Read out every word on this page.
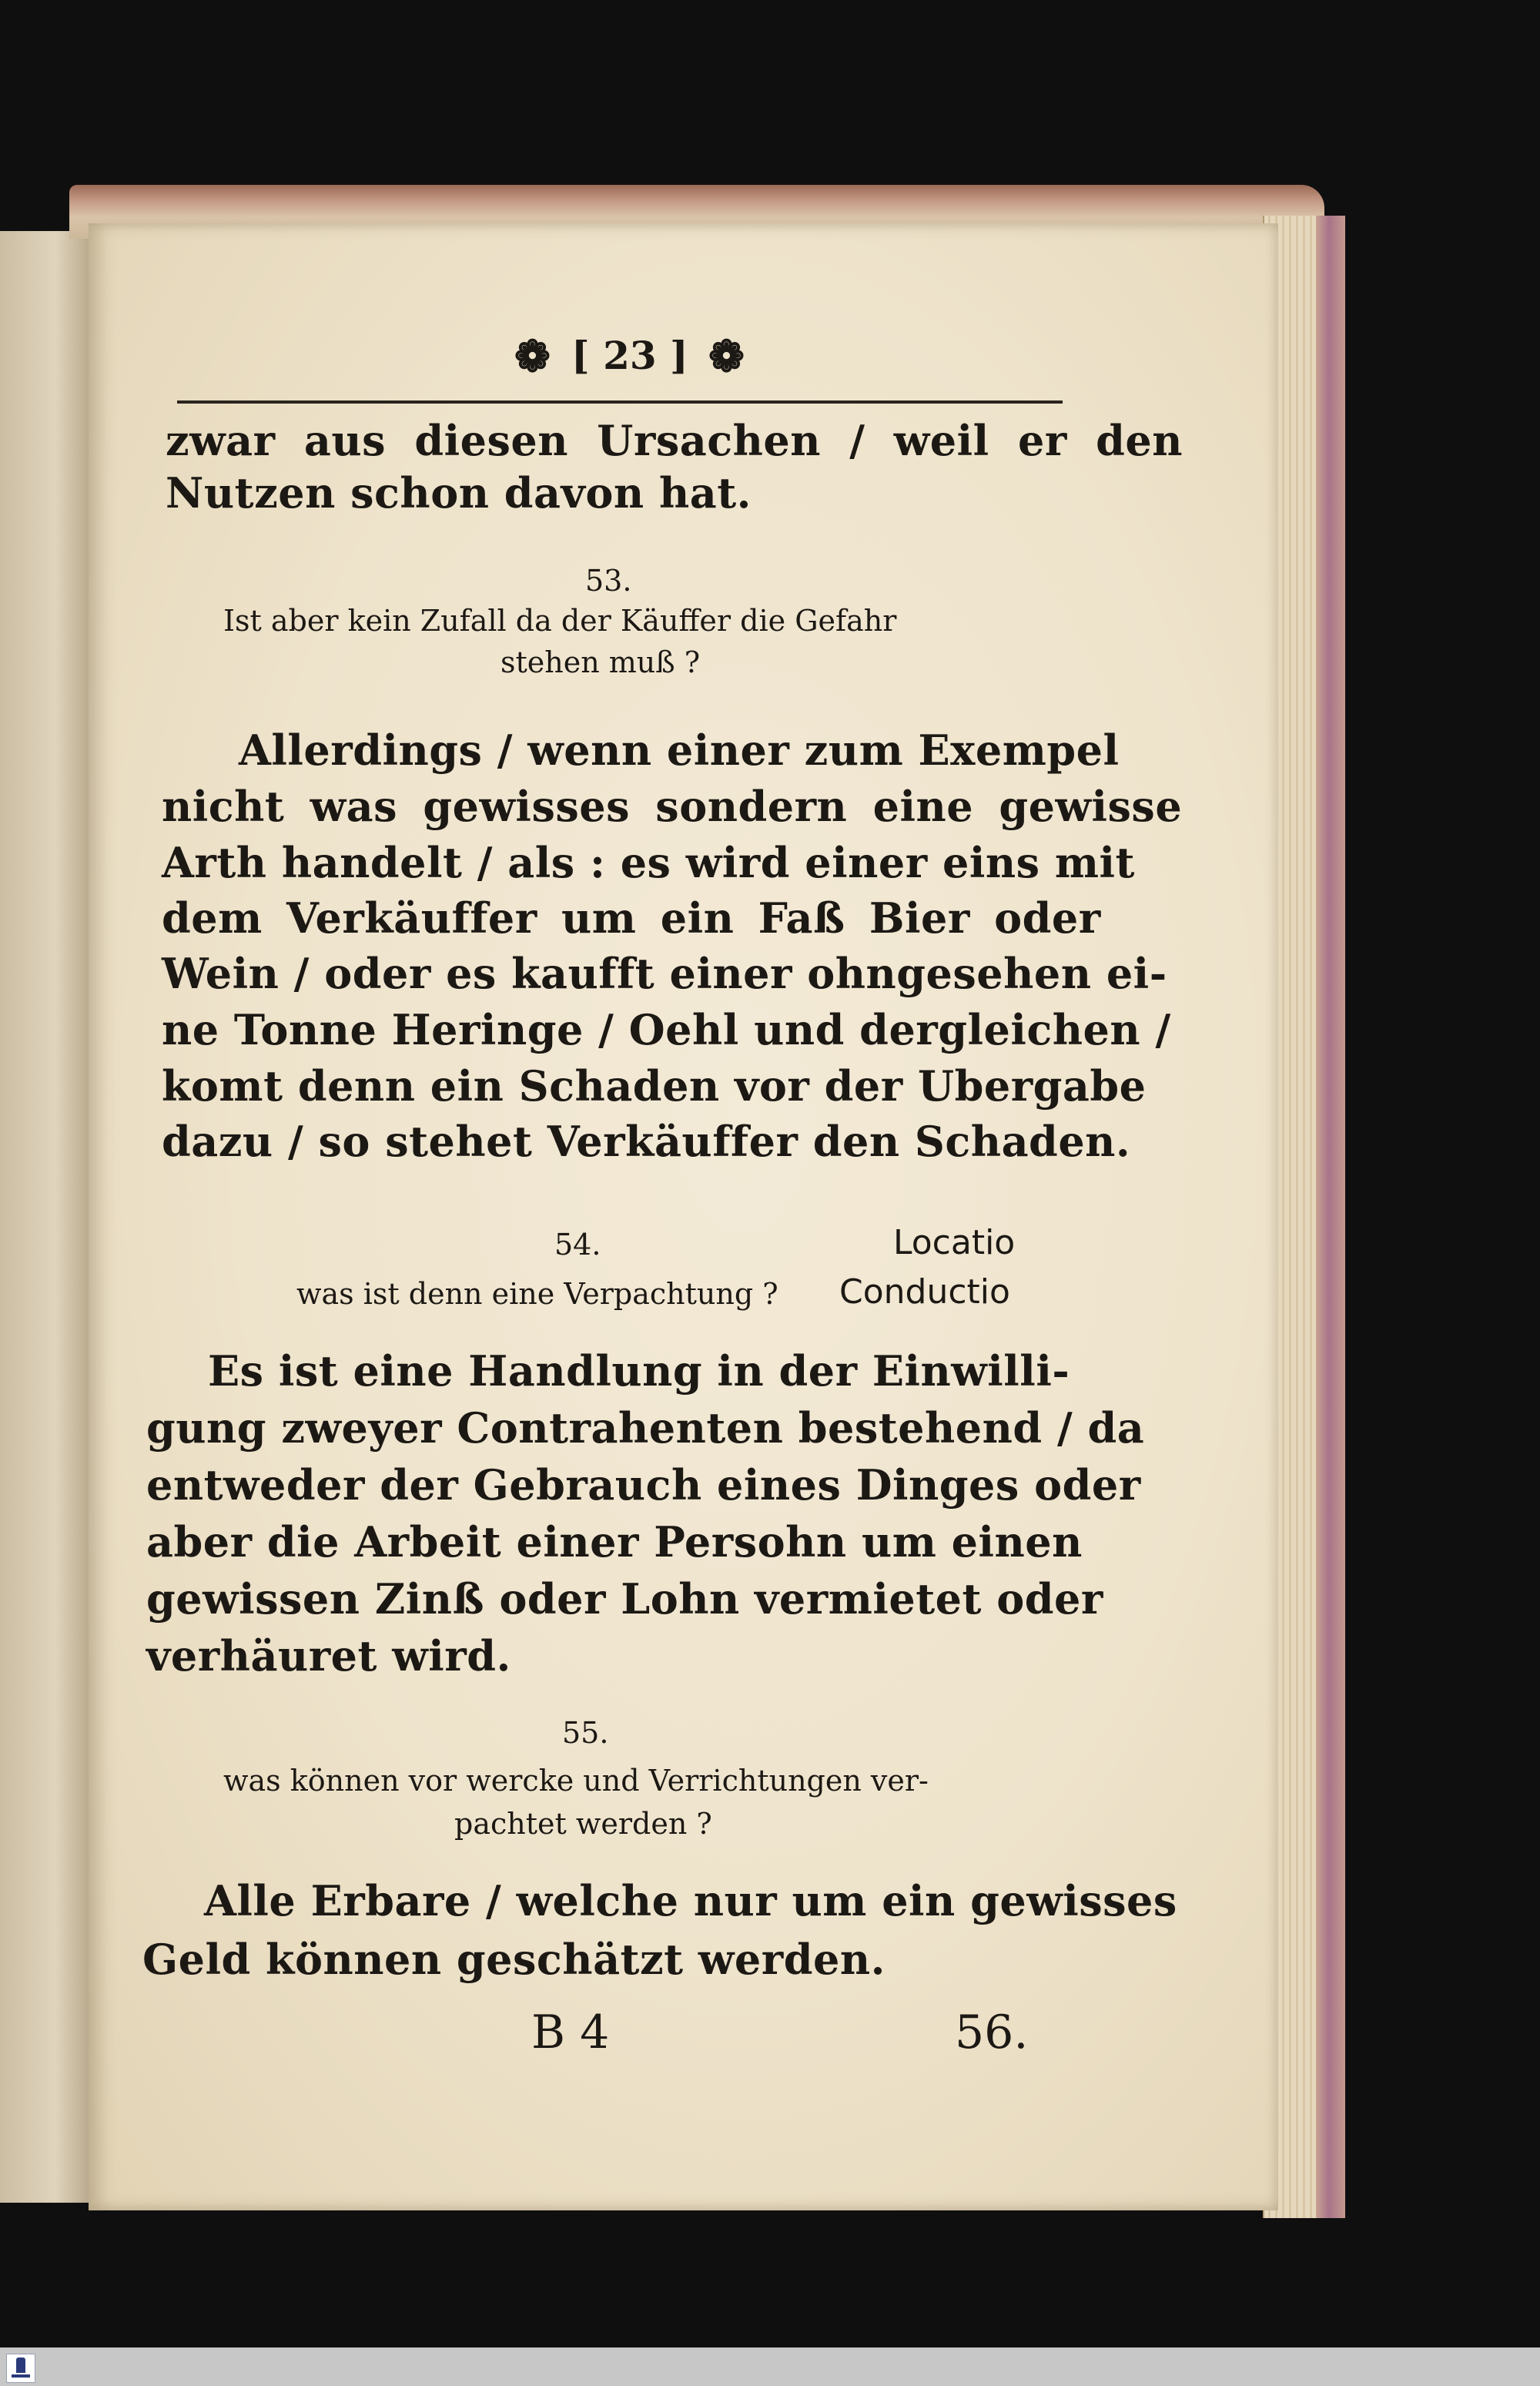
❁ [ 23 ] ❁
zwar aus diesen Ursachen / weil er den
Nutzen schon davon hat.
53.
Ist aber kein Zufall da der Käuffer die Gefahr
stehen muß ?
Allerdings / wenn einer zum Exempel
nicht was gewisses sondern eine gewisse
Arth handelt / als : es wird einer eins mit
dem Verkäuffer um ein Faß Bier oder
Wein / oder es kaufft einer ohngesehen ei-
ne Tonne Heringe / Oehl und dergleichen /
komt denn ein Schaden vor der Ubergabe
dazu / so stehet Verkäuffer den Schaden.
54.	Locatio
was ist denn eine Verpachtung ? Conductio
Es ist eine Handlung in der Einwilli-
gung zweyer Contrahenten bestehend / da
entweder der Gebrauch eines Dinges oder
aber die Arbeit einer Persohn um einen
gewissen Zinß oder Lohn vermietet oder
verhäuret wird.
55.
was können vor wercke und Verrichtungen ver-
pachtet werden ?
Alle Erbare / welche nur um ein gewisses
Geld können geschätzt werden.
B 4	56.
